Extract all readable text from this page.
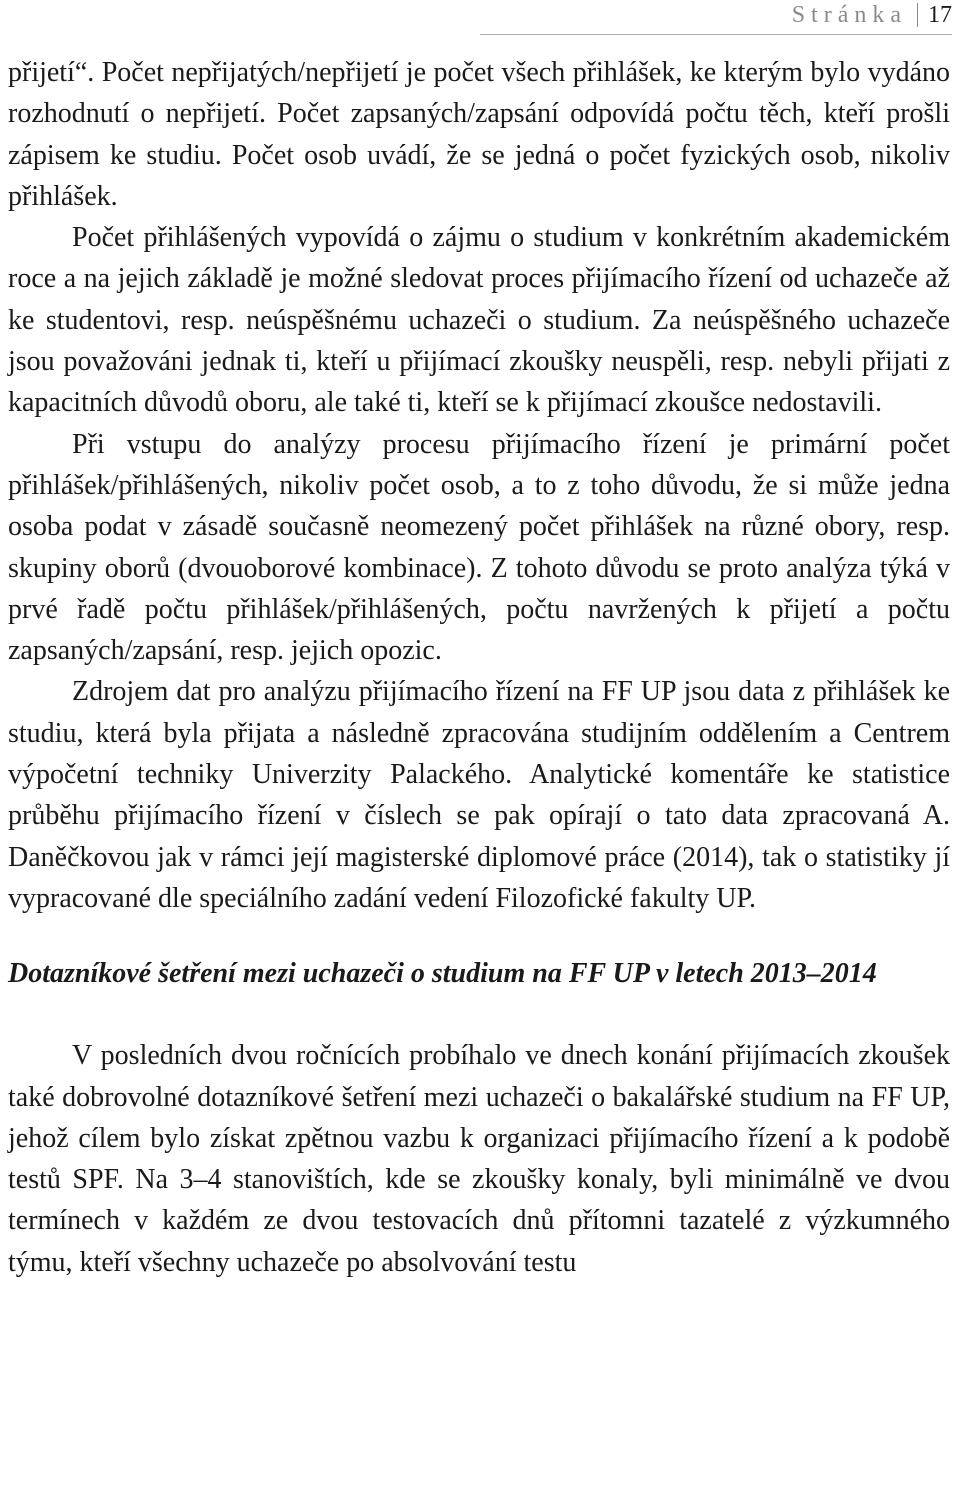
Stránka 17

přijetí“. Počet nepřijatých/nepřijetí je počet všech přihlášek, ke kterým bylo vydáno rozhodnutí o nepřijetí. Počet zapsaných/zapsání odpovídá počtu těch, kteří prošli zápisem ke studiu. Počet osob uvádí, že se jedná o počet fyzických osob, nikoliv přihlášek.

Počet přihlášených vypovídá o zájmu o studium v konkrétním akademickém roce a na jejich základě je možné sledovat proces přijímacího řízení od uchazeče až ke studentovi, resp. neúspěšnému uchazeči o studium. Za neúspěšného uchazeče jsou považováni jednak ti, kteří u přijímací zkoušky neuspěli, resp. nebyli přijati z kapacitních důvodů oboru, ale také ti, kteří se k přijímací zkoušce nedostavili.

Při vstupu do analýzy procesu přijímacího řízení je primární počet přihlášek/přihlášených, nikoliv počet osob, a to z toho důvodu, že si může jedna osoba podat v zásadě současně neomezený počet přihlášek na různé obory, resp. skupiny oborů (dvouoborové kombinace). Z tohoto důvodu se proto analýza týká v prvé řadě počtu přihlášek/přihlášených, počtu navržených k přijetí a počtu zapsaných/zapsání, resp. jejich opozic.

Zdrojem dat pro analýzu přijímacího řízení na FF UP jsou data z přihlášek ke studiu, která byla přijata a následně zpracována studijním oddělením a Centrem výpočetní techniky Univerzity Palackého. Analytické komentáře ke statistice průběhu přijímacího řízení v číslech se pak opírají o tato data zpracovaná A. Daněčkovou jak v rámci její magisterské diplomové práce (2014), tak o statistiky jí vypracované dle speciálního zadání vedení Filozofické fakulty UP.

Dotazníkové šetření mezi uchazeči o studium na FF UP v letech 2013–2014

V posledních dvou ročnících probíhalo ve dnech konání přijímacích zkoušek také dobrovolné dotazníkové šetření mezi uchazeči o bakalářské studium na FF UP, jehož cílem bylo získat zpětnou vazbu k organizaci přijímacího řízení a k podobě testů SPF. Na 3–4 stanovištích, kde se zkoušky konaly, byli minimálně ve dvou termínech v každém ze dvou testovacích dnů přítomni tazatelé z výzkumného týmu, kteří všechny uchazeče po absolvování testu
